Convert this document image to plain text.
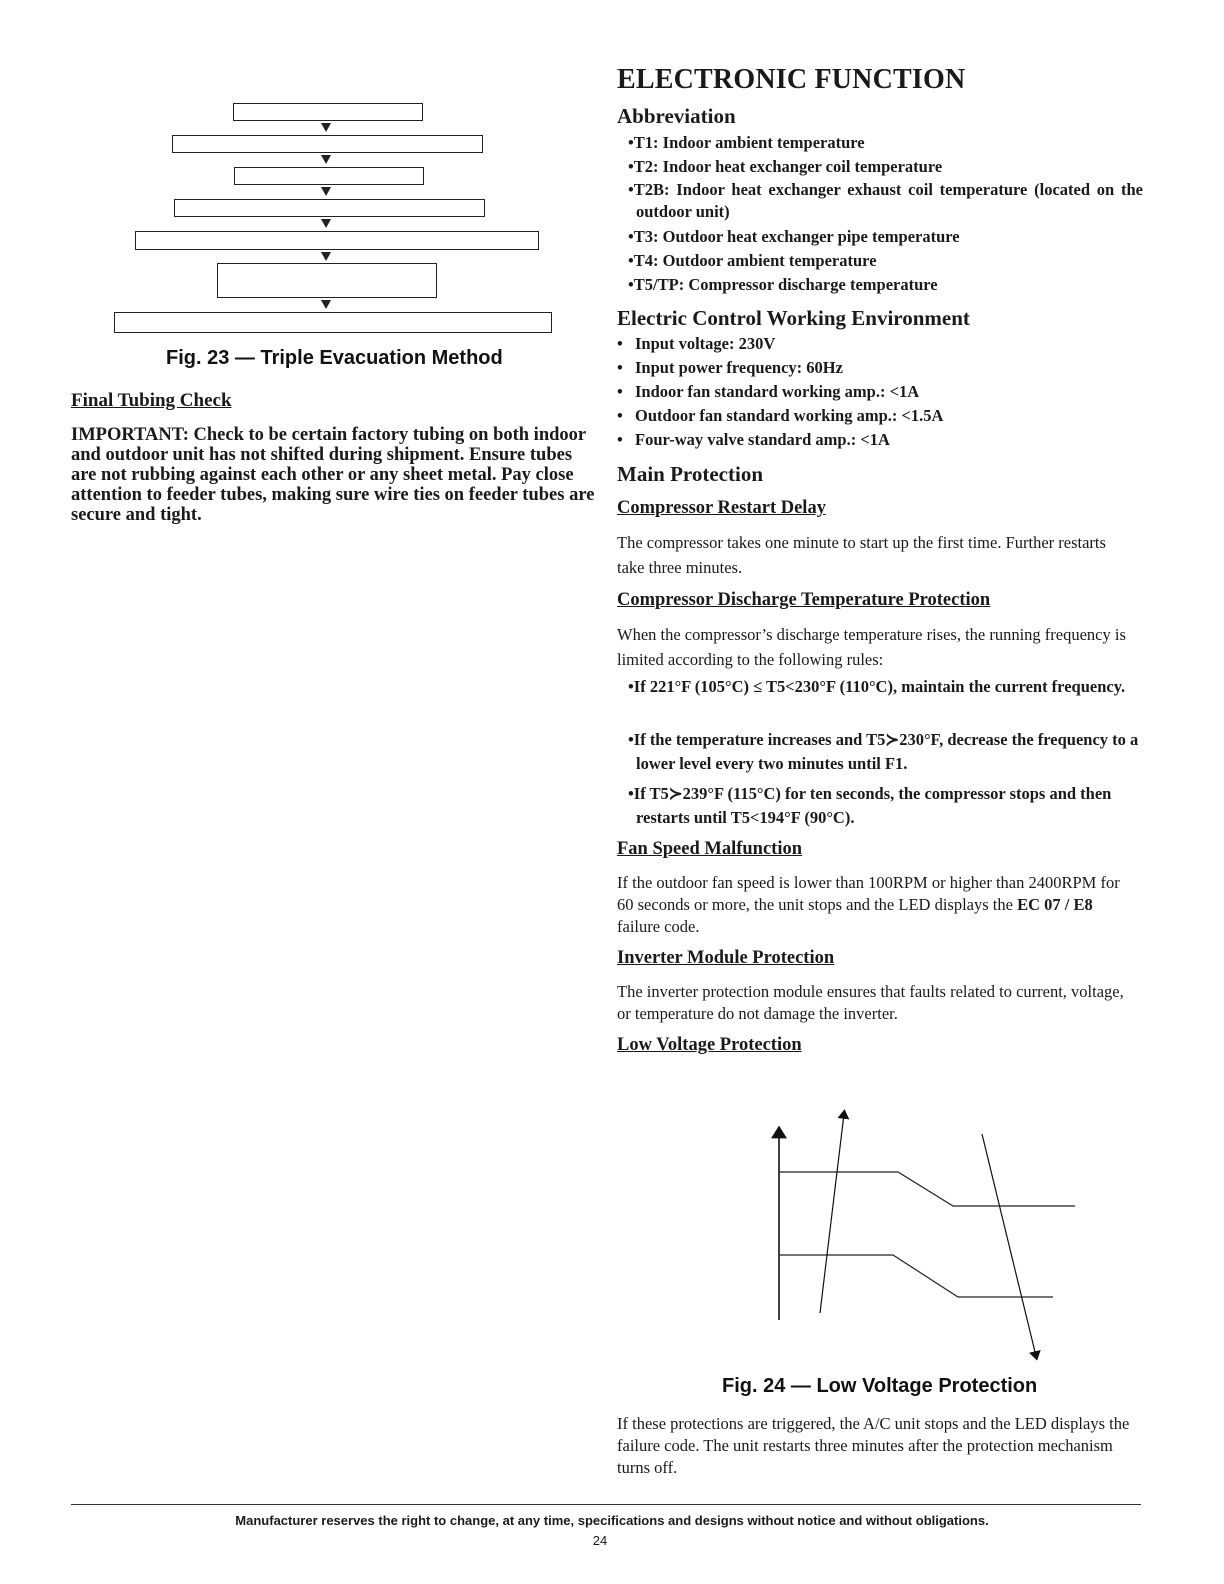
Fig. 23 — Triple Evacuation Method
Final Tubing Check
IMPORTANT: Check to be certain factory tubing on both indoor and outdoor unit has not shifted during shipment. Ensure tubes are not rubbing against each other or any sheet metal. Pay close attention to feeder tubes, making sure wire ties on feeder tubes are secure and tight.
ELECTRONIC FUNCTION
Abbreviation
•T1: Indoor ambient temperature
•T2: Indoor heat exchanger coil temperature
•T2B: Indoor heat exchanger exhaust coil temperature (located on the outdoor unit)
•T3: Outdoor heat exchanger pipe temperature
•T4: Outdoor ambient temperature
•T5/TP: Compressor discharge temperature
Electric Control Working Environment
• Input voltage: 230V
• Input power frequency: 60Hz
• Indoor fan standard working amp.: <1A
• Outdoor fan standard working amp.: <1.5A
• Four-way valve standard amp.: <1A
Main Protection
Compressor Restart Delay
The compressor takes one minute to start up the first time. Further restarts take three minutes.
Compressor Discharge Temperature Protection
When the compressor’s discharge temperature rises, the running frequency is limited according to the following rules:
•If 221°F (105°C) ≤ T5<230°F (110°C), maintain the current frequency.
•If the temperature increases and T5≻230°F, decrease the frequency to a lower level every two minutes until F1.
•If T5≻239°F (115°C) for ten seconds, the compressor stops and then restarts until T5<194°F (90°C).
Fan Speed Malfunction
If the outdoor fan speed is lower than 100RPM or higher than 2400RPM for 60 seconds or more, the unit stops and the LED displays the EC 07 / E8 failure code.
Inverter Module Protection
The inverter protection module ensures that faults related to current, voltage, or temperature do not damage the inverter.
Low Voltage Protection
Fig. 24 — Low Voltage Protection
If these protections are triggered, the A/C unit stops and the LED displays the failure code. The unit restarts three minutes after the protection mechanism turns off.
Manufacturer reserves the right to change, at any time, specifications and designs without notice and without obligations.
24
